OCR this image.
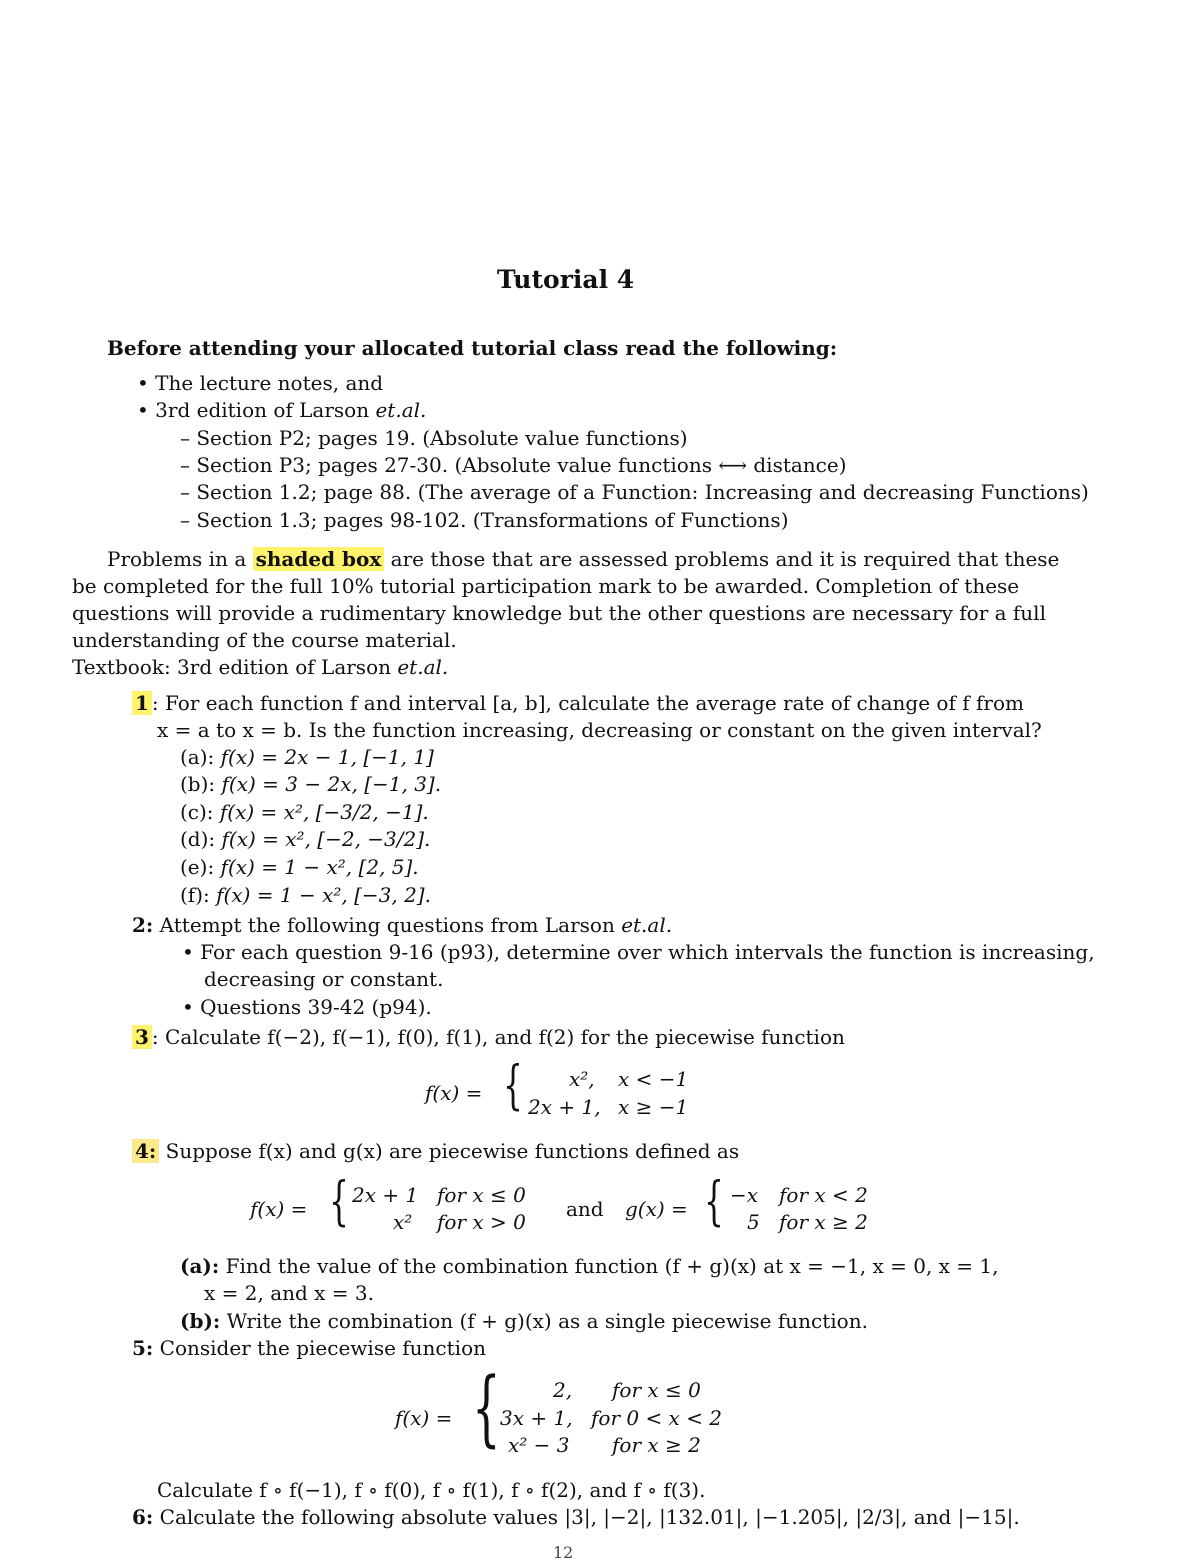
Tutorial 4
Before attending your allocated tutorial class read the following:
• The lecture notes, and
• 3rd edition of Larson et.al.
– Section P2; pages 19. (Absolute value functions)
– Section P3; pages 27-30. (Absolute value functions ⟷ distance)
– Section 1.2; page 88. (The average of a Function: Increasing and decreasing Functions)
– Section 1.3; pages 98-102. (Transformations of Functions)
Problems in a shaded box are those that are assessed problems and it is required that these
be completed for the full 10% tutorial participation mark to be awarded. Completion of these
questions will provide a rudimentary knowledge but the other questions are necessary for a full
understanding of the course material.
Textbook: 3rd edition of Larson et.al.
1 : For each function f and interval [a, b], calculate the average rate of change of f from
x = a to x = b. Is the function increasing, decreasing or constant on the given interval?
(a): f(x) = 2x − 1, [−1, 1]
(b): f(x) = 3 − 2x, [−1, 3].
(c): f(x) = x², [−3/2, −1].
(d): f(x) = x², [−2, −3/2].
(e): f(x) = 1 − x², [2, 5].
(f): f(x) = 1 − x², [−3, 2].
2: Attempt the following questions from Larson et.al.
• For each question 9-16 (p93), determine over which intervals the function is increasing,
decreasing or constant.
• Questions 39-42 (p94).
3 : Calculate f(−2), f(−1), f(0), f(1), and f(2) for the piecewise function
f(x) = { x², x < −1
2x + 1, x ≥ −1
4: Suppose f(x) and g(x) are piecewise functions defined as
f(x) = { 2x + 1 for x ≤ 0
x² for x > 0
and g(x) = { −x for x < 2
5 for x ≥ 2
(a): Find the value of the combination function (f + g)(x) at x = −1, x = 0, x = 1,
x = 2, and x = 3.
(b): Write the combination (f + g)(x) as a single piecewise function.
5: Consider the piecewise function
f(x) = {	2, for x ≤ 0
3x + 1, for 0 < x < 2
x² − 3 for x ≥ 2
Calculate f ∘ f(−1), f ∘ f(0), f ∘ f(1), f ∘ f(2), and f ∘ f(3).
6: Calculate the following absolute values |3|, |−2|, |132.01|, |−1.205|, |2/3|, and |−15|.
12
